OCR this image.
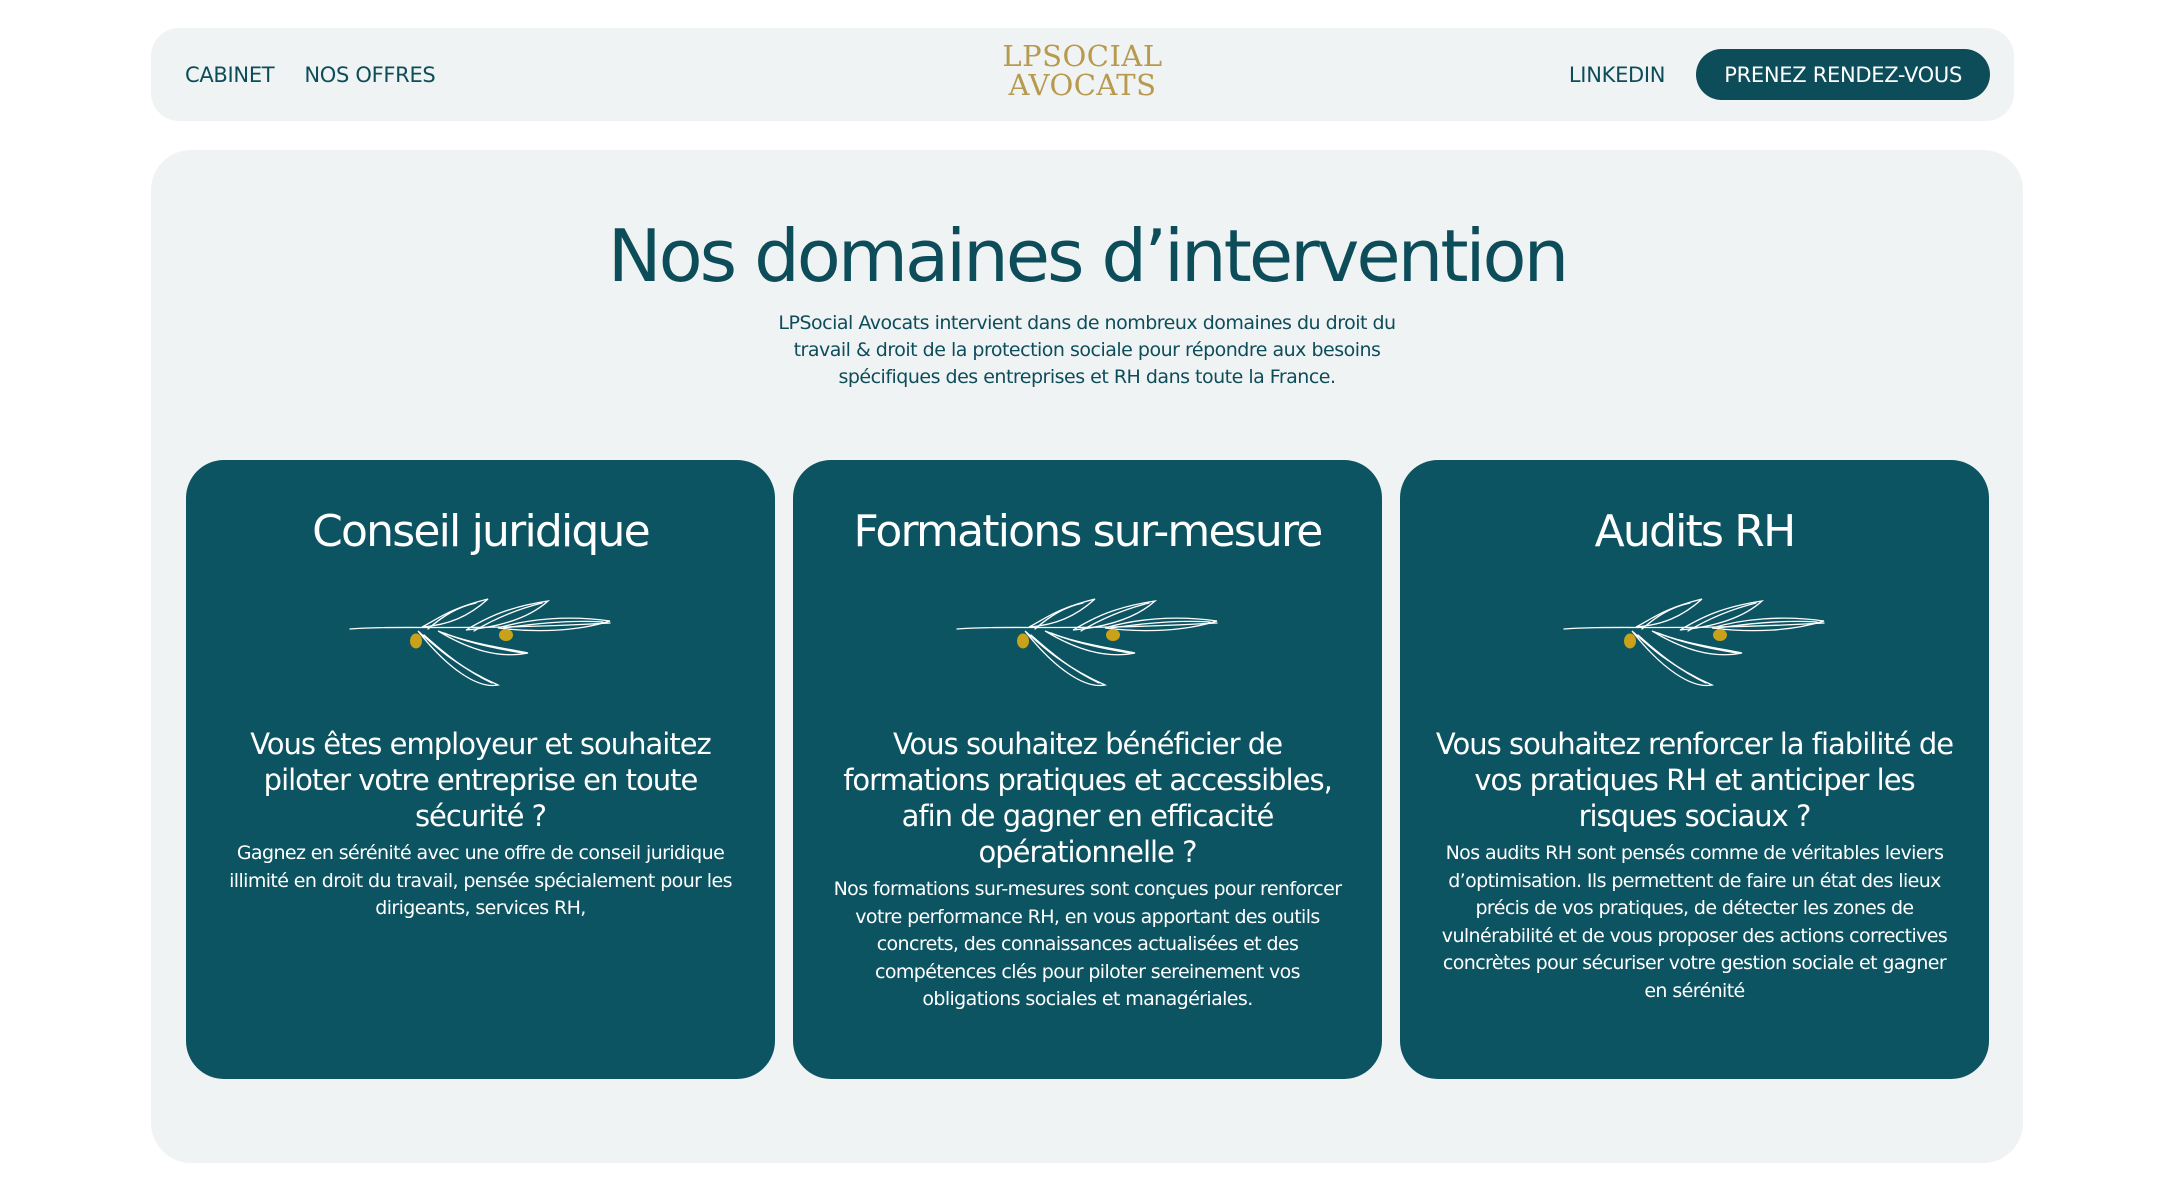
CABINET NOS OFFRES
LPSOCIAL
AVOCATS	LINKEDIN	PRENEZ RENDEZ-VOUS
Nos domaines d’intervention

LPSocial Avocats intervient dans de nombreux domaines du droit du travail & droit de la protection sociale pour répondre aux besoins spécifiques des entreprises et RH dans toute la France.

Conseil juridique

Vous êtes employeur et souhaitez piloter votre entreprise en toute sécurité ?

Gagnez en sérénité avec une offre de conseil juridique illimité en droit du travail, pensée spécialement pour les dirigeants, services RH,

Formations sur-mesure

Vous souhaitez bénéficier de formations pratiques et accessibles, afin de gagner en efficacité opérationnelle ?

Nos formations sur-mesures sont conçues pour renforcer votre performance RH, en vous apportant des outils concrets, des connaissances actualisées et des compétences clés pour piloter sereinement vos obligations sociales et managériales.

Audits RH

Vous souhaitez renforcer la fiabilité de vos pratiques RH et anticiper les risques sociaux ?

Nos audits RH sont pensés comme de véritables leviers d’optimisation. Ils permettent de faire un état des lieux précis de vos pratiques, de détecter les zones de vulnérabilité et de vous proposer des actions correctives concrètes pour sécuriser votre gestion sociale et gagner en sérénité
